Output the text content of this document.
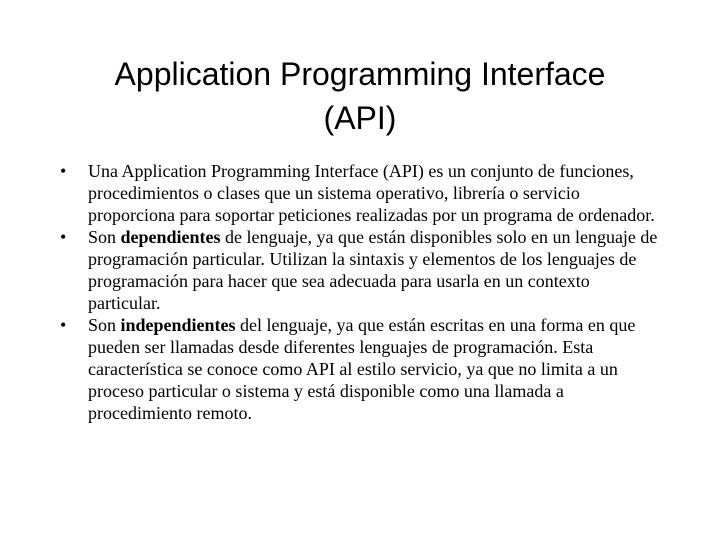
Application Programming Interface
(API)
• Una Application Programming Interface (API) es un conjunto de funciones, procedimientos o clases que un sistema operativo, librería o servicio proporciona para soportar peticiones realizadas por un programa de ordenador.
• Son dependientes de lenguaje, ya que están disponibles solo en un lenguaje de programación particular. Utilizan la sintaxis y elementos de los lenguajes de programación para hacer que sea adecuada para usarla en un contexto particular.
• Son independientes del lenguaje, ya que están escritas en una forma en que pueden ser llamadas desde diferentes lenguajes de programación. Esta característica se conoce como API al estilo servicio, ya que no limita a un proceso particular o sistema y está disponible como una llamada a procedimiento remoto.
